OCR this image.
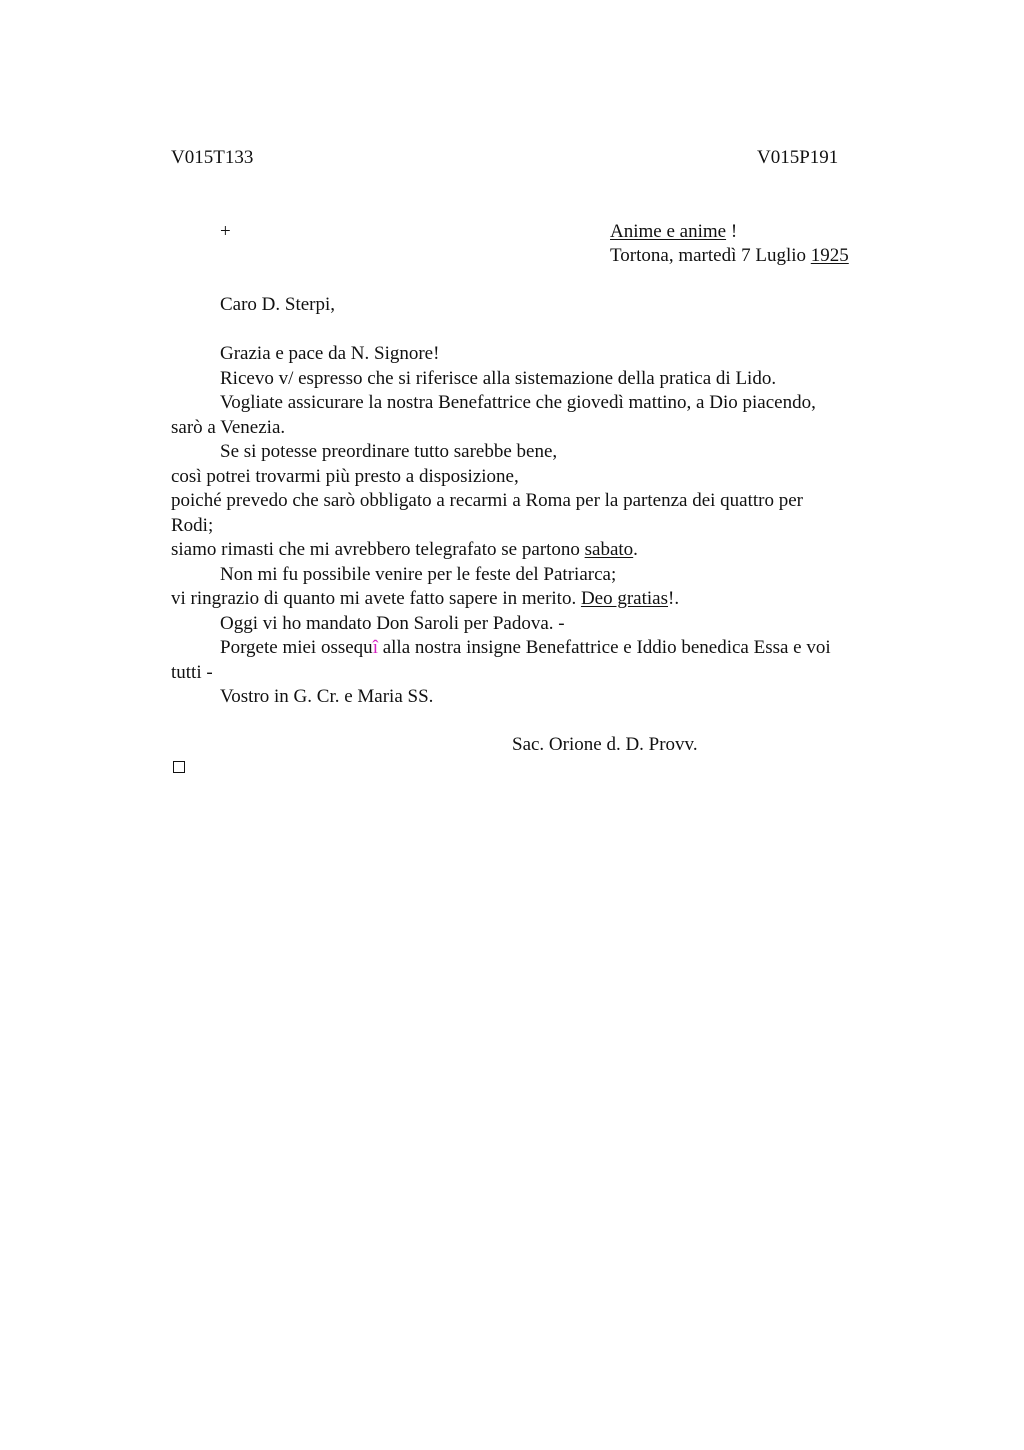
V015T133	V015P191
+	Anime e anime !
Tortona, martedì 7 Luglio 1925
Caro D. Sterpi,
Grazia e pace da N. Signore!
Ricevo v/ espresso che si riferisce alla sistemazione della pratica di Lido.
Vogliate assicurare la nostra Benefattrice che giovedì mattino, a Dio piacendo,
sarò a Venezia.
Se si potesse preordinare tutto sarebbe bene,
così potrei trovarmi più presto a disposizione,
poiché prevedo che sarò obbligato a recarmi a Roma per la partenza dei quattro per
Rodi;
siamo rimasti che mi avrebbero telegrafato se partono sabato.
Non mi fu possibile venire per le feste del Patriarca;
vi ringrazio di quanto mi avete fatto sapere in merito. Deo gratias!.
Oggi vi ho mandato Don Saroli per Padova. -
Porgete miei ossequî alla nostra insigne Benefattrice e Iddio benedica Essa e voi
tutti -
Vostro in G. Cr. e Maria SS.
Sac. Orione d. D. Provv.
